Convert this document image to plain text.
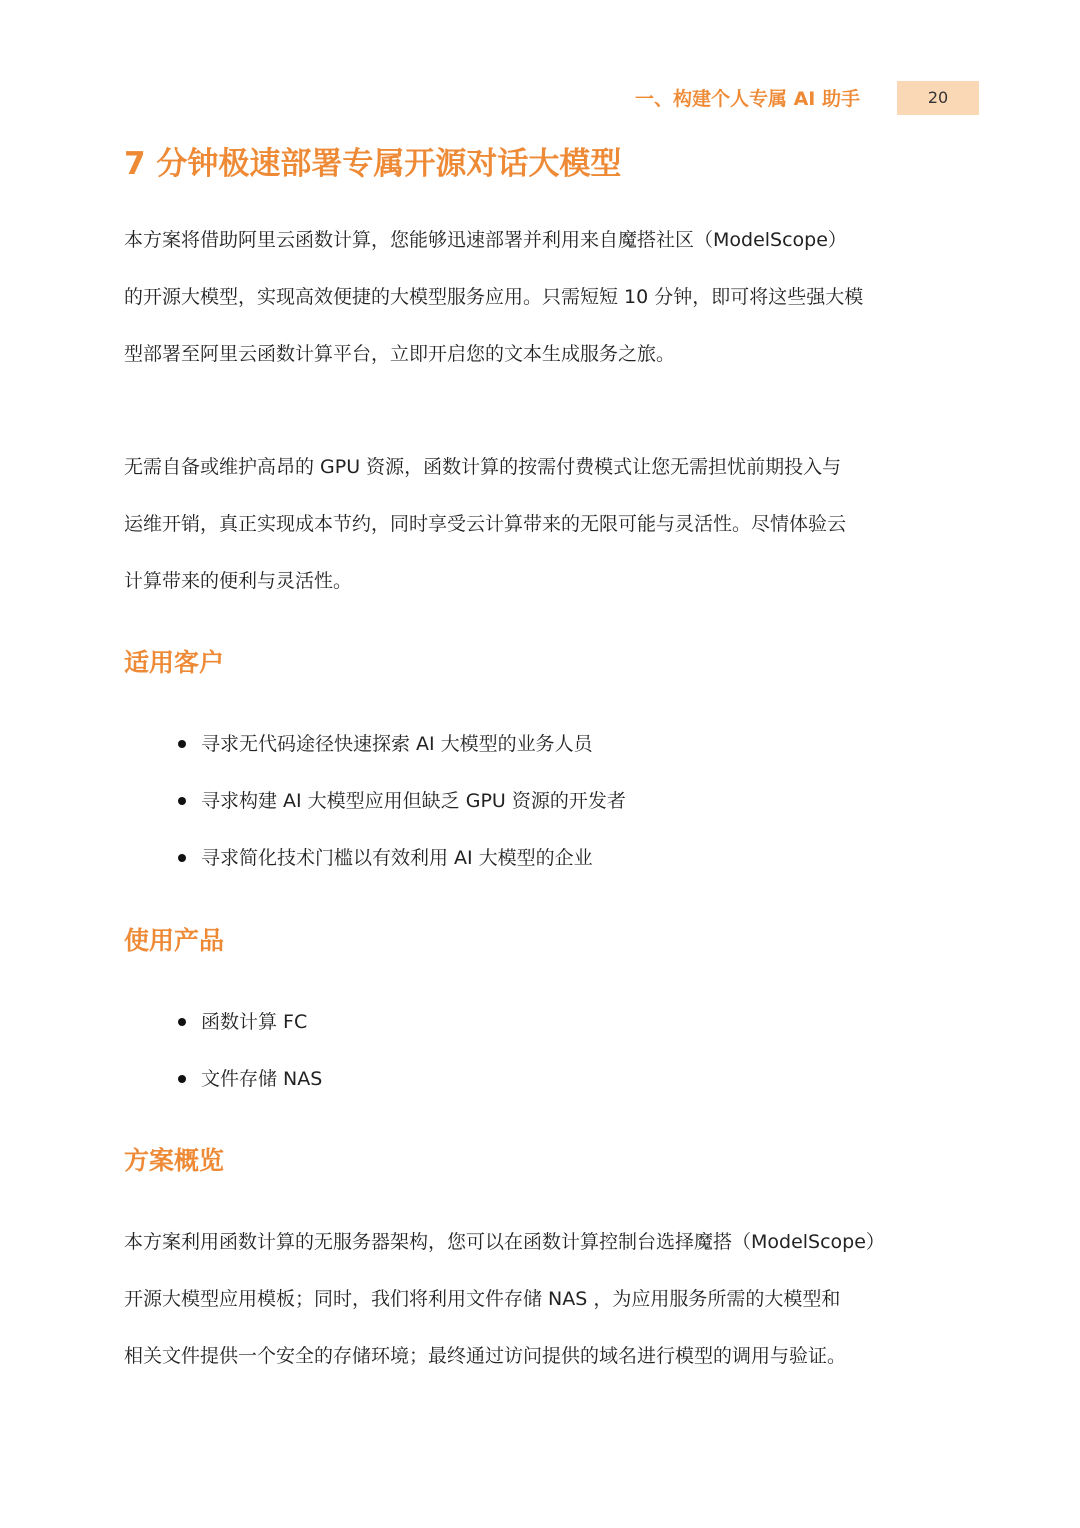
一、构建个人专属 AI 助手	20
7 分钟极速部署专属开源对话大模型
本方案将借助阿里云函数计算，您能够迅速部署并利用来自魔搭社区（ModelScope）
的开源大模型，实现高效便捷的大模型服务应用。只需短短 10 分钟，即可将这些强大模
型部署至阿里云函数计算平台，立即开启您的文本生成服务之旅。
无需自备或维护高昂的 GPU 资源，函数计算的按需付费模式让您无需担忧前期投入与
运维开销，真正实现成本节约，同时享受云计算带来的无限可能与灵活性。尽情体验云
计算带来的便利与灵活性。
适用客户
寻求无代码途径快速探索 AI 大模型的业务人员
寻求构建 AI 大模型应用但缺乏 GPU 资源的开发者
寻求简化技术门槛以有效利用 AI 大模型的企业
使用产品
函数计算 FC
文件存储 NAS
方案概览
本方案利用函数计算的无服务器架构，您可以在函数计算控制台选择魔搭（ModelScope）
开源大模型应用模板；同时，我们将利用文件存储 NAS ，为应用服务所需的大模型和
相关文件提供一个安全的存储环境；最终通过访问提供的域名进行模型的调用与验证。
